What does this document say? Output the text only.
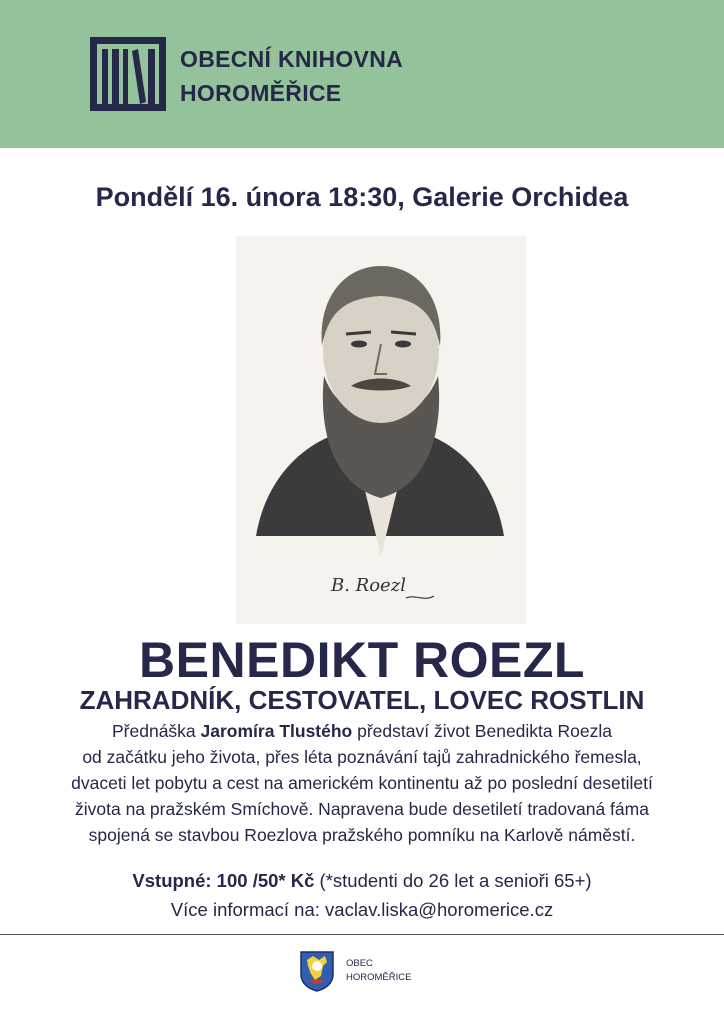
OBECNÍ KNIHOVNA
HOROMĚŘICE
Pondělí 16. února 18:30, Galerie Orchidea
B. Roezl
BENEDIKT ROEZL
ZAHRADNÍK, CESTOVATEL, LOVEC ROSTLIN
Přednáška Jaromíra Tlustého představí život Benedikta Roezla
od začátku jeho života, přes léta poznávání tajů zahradnického řemesla,
dvaceti let pobytu a cest na americkém kontinentu až po poslední desetiletí
života na pražském Smíchově. Napravena bude desetiletí tradovaná fáma
spojená se stavbou Roezlova pražského pomníku na Karlově náměstí.
Vstupné: 100 /50* Kč (*studenti do 26 let a senioři 65+)
Více informací na: vaclav.liska@horomerice.cz
OBEC
HOROMĚŘICE
